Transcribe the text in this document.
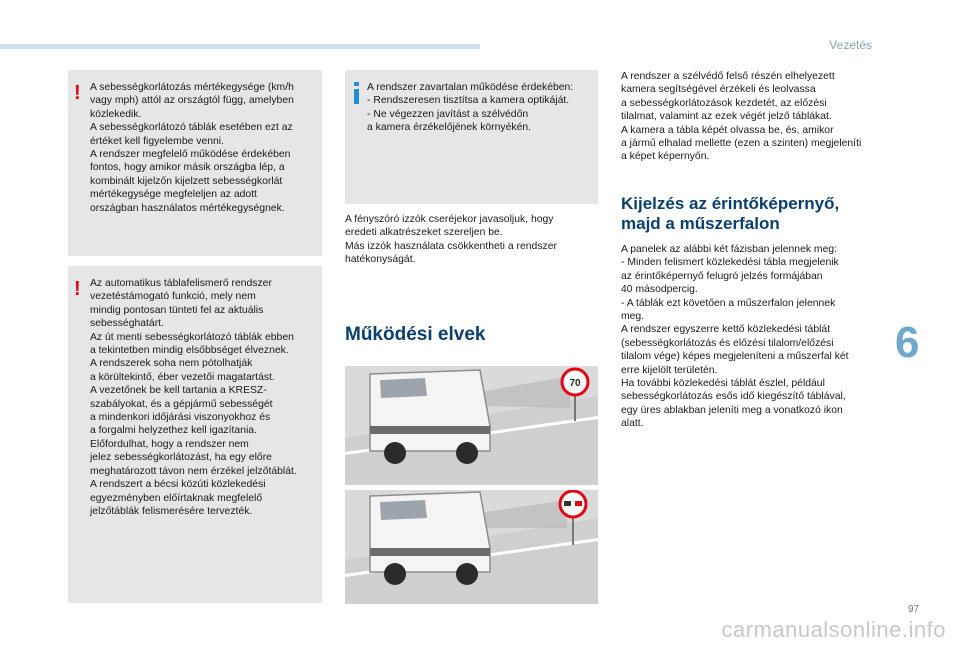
Vezetés
! A sebességkorlátozás mértékegysége (km/h
vagy mph) attól az országtól függ, amelyben
közlekedik.
A sebességkorlátozó táblák esetében ezt az
értéket kell figyelembe venni.
A rendszer megfelelő működése érdekében
fontos, hogy amikor másik országba lép, a
kombinált kijelzőn kijelzett sebességkorlát
mértékegysége megfeleljen az adott
országban használatos mértékegységnek.
! Az automatikus táblafelismerő rendszer
vezetéstámogató funkció, mely nem
mindig pontosan tünteti fel az aktuális
sebességhatárt.
Az út menti sebességkorlátozó táblák ebben
a tekintetben mindig elsőbbséget élveznek.
A rendszerek soha nem pótolhatják
a körültekintő, éber vezetői magatartást.
A vezetőnek be kell tartania a KRESZ-
szabályokat, és a gépjármű sebességét
a mindenkori időjárási viszonyokhoz és
a forgalmi helyzethez kell igazítania.
Előfordulhat, hogy a rendszer nem
jelez sebességkorlátozást, ha egy előre
meghatározott távon nem érzékel jelzőtáblát.
A rendszert a bécsi közúti közlekedési
egyezményben előírtaknak megfelelő
jelzőtáblák felismerésére tervezték.
A rendszer zavartalan működése érdekében:
- Rendszeresen tisztítsa a kamera optikáját.
- Ne végezzen javítást a szélvédőn
a kamera érzékelőjének környékén.
A fényszóró izzók cseréjekor javasoljuk, hogy
eredeti alkatrészeket szereljen be.
Más izzók használata csökkentheti a rendszer
hatékonyságát.
Működési elvek
70
A rendszer a szélvédő felső részén elhelyezett
kamera segítségével érzékeli és leolvassa
a sebességkorlátozások kezdetét, az előzési
tilalmat, valamint az ezek végét jelző táblákat.
A kamera a tábla képét olvassa be, és, amikor
a jármű elhalad mellette (ezen a szinten) megjeleníti
a képet képernyőn.
Kijelzés az érintőképernyő,
majd a műszerfalon
A panelek az alábbi két fázisban jelennek meg:
- Minden felismert közlekedési tábla megjelenik
az érintőképernyő felugró jelzés formájában
40 másodpercig.
- A táblák ezt követően a műszerfalon jelennek
meg.
A rendszer egyszerre kettő közlekedési táblát
(sebességkorlátozás és előzési tilalom/előzési
tilalom vége) képes megjeleníteni a műszerfal két
erre kijelölt területén.
Ha további közlekedési táblát észlel, például
sebességkorlátozás esős idő kiegészítő táblával,
egy üres ablakban jeleníti meg a vonatkozó ikon
alatt.
6
97
carmanualsonline.info
